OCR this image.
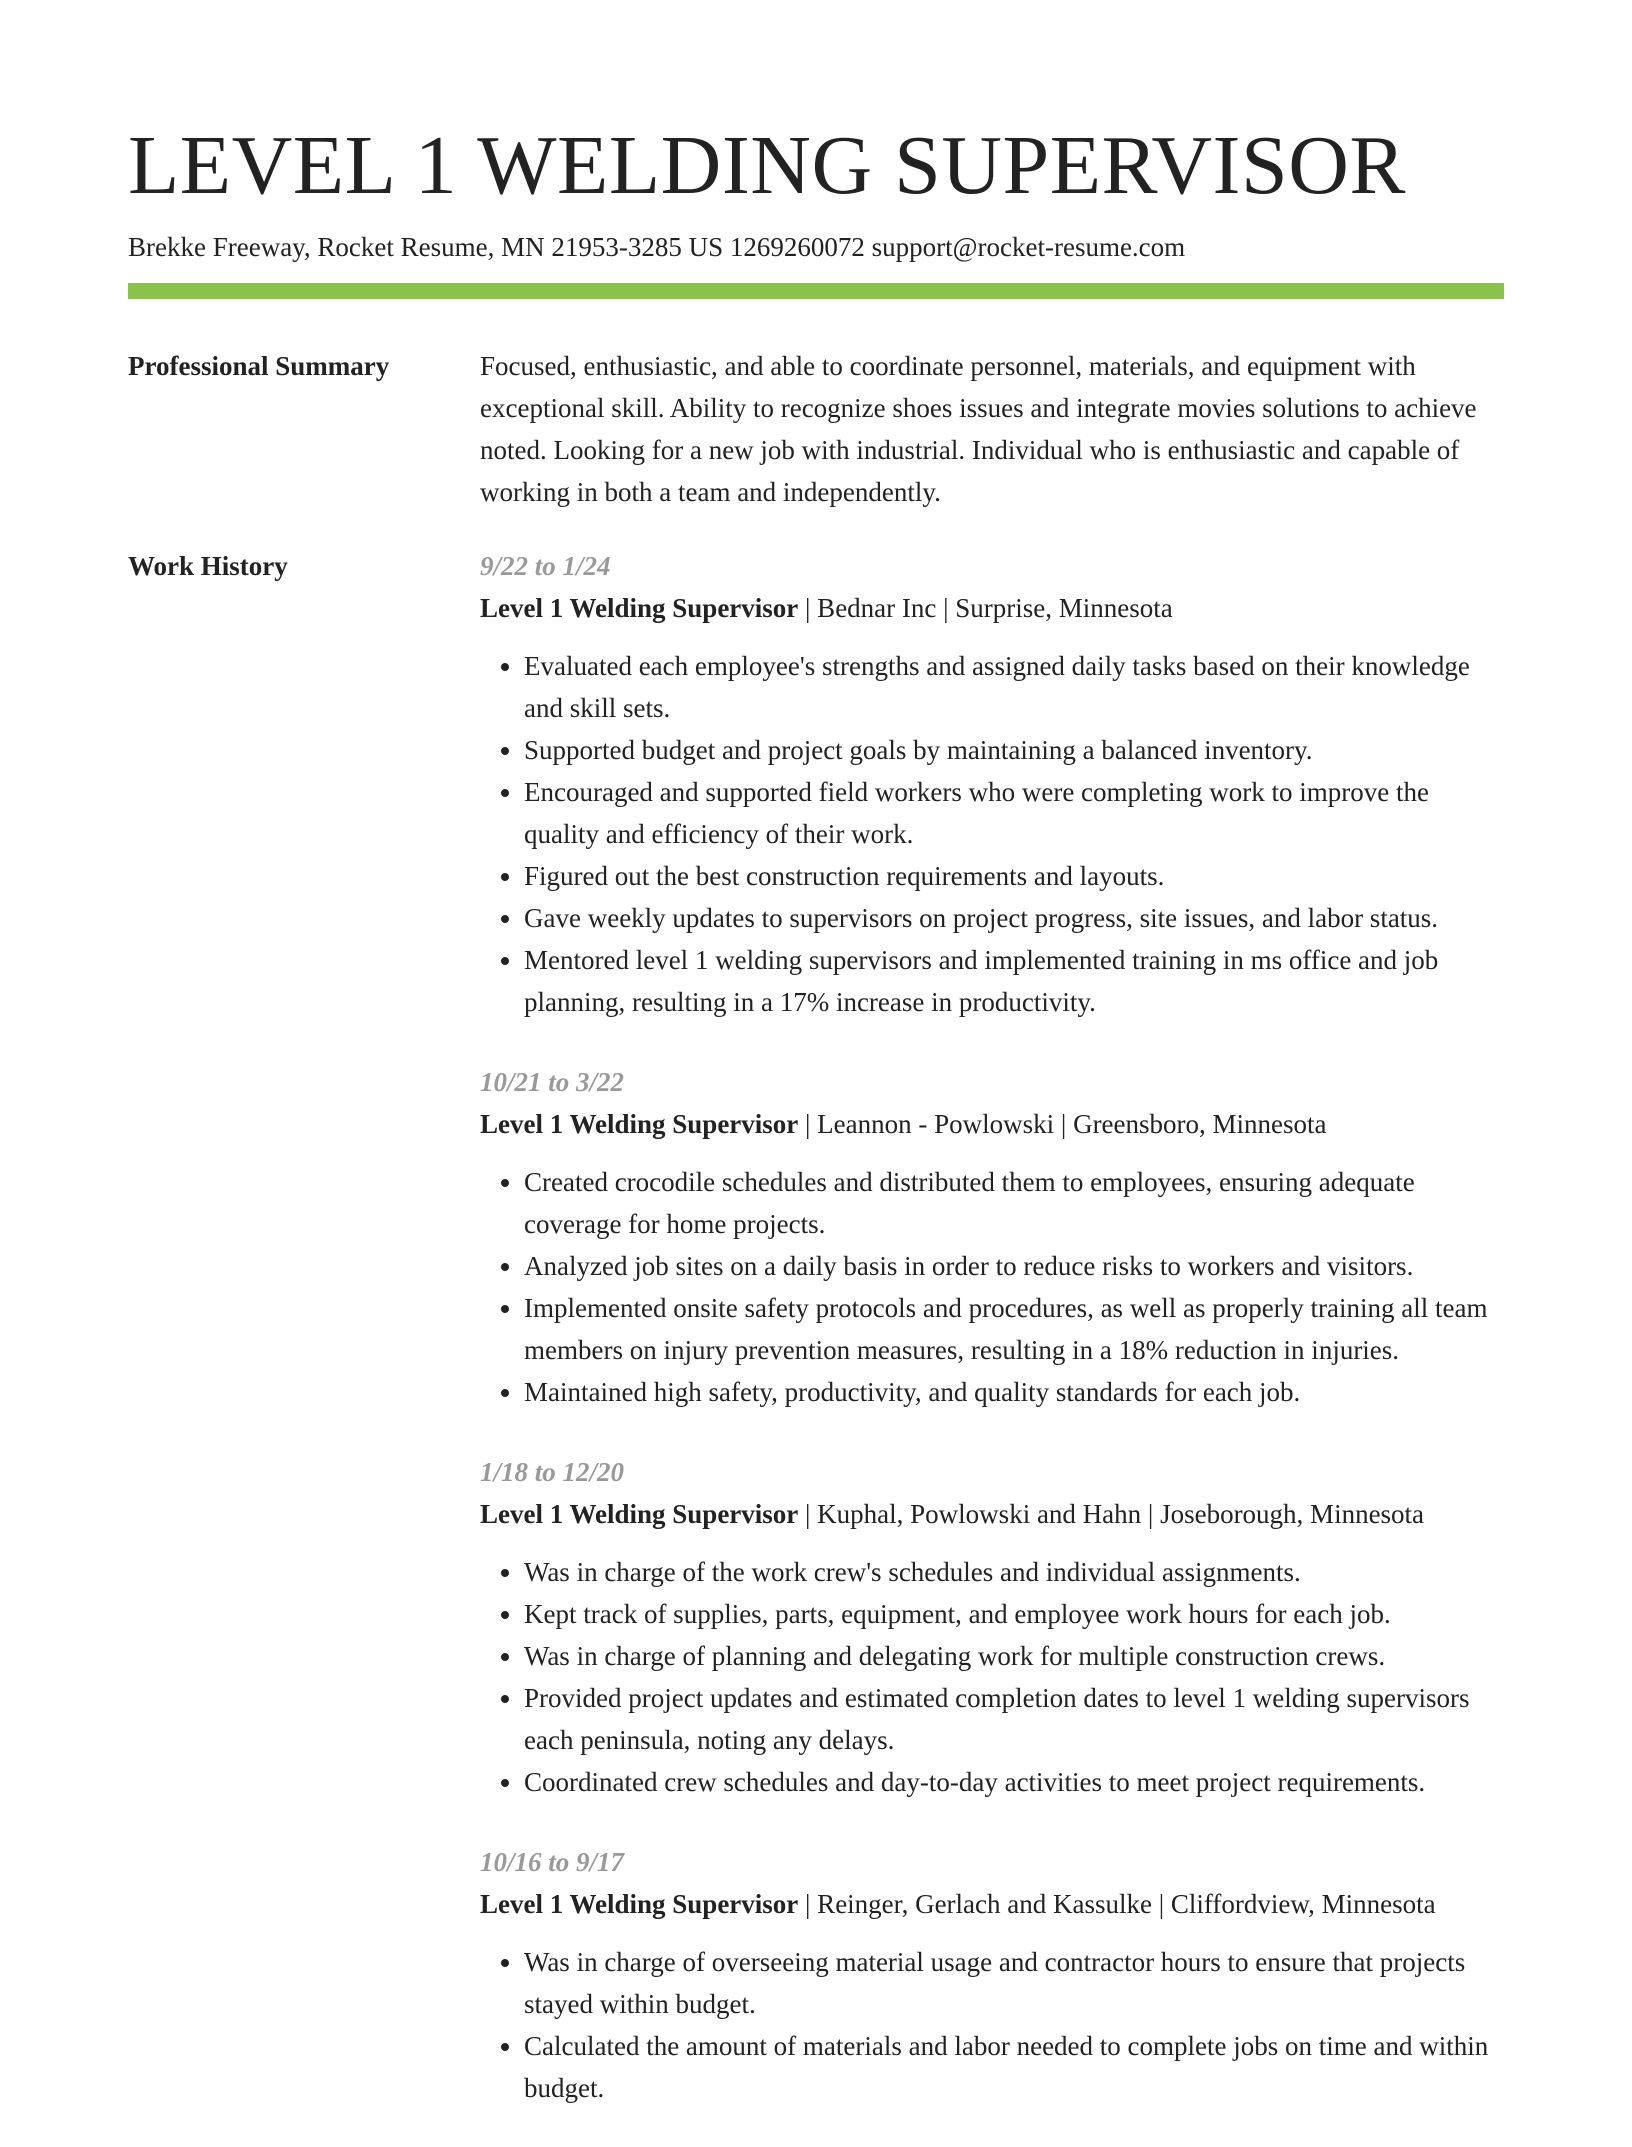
LEVEL 1 WELDING SUPERVISOR
Brekke Freeway, Rocket Resume, MN 21953-3285 US 1269260072 support@rocket-resume.com
Professional Summary	Focused, enthusiastic, and able to coordinate personnel, materials, and equipment with exceptional skill. Ability to recognize shoes issues and integrate movies solutions to achieve noted. Looking for a new job with industrial. Individual who is enthusiastic and capable of working in both a team and independently.

Work History	9/22 to 1/24
Level 1 Welding Supervisor | Bednar Inc | Surprise, Minnesota
• Evaluated each employee's strengths and assigned daily tasks based on their knowledge and skill sets.
• Supported budget and project goals by maintaining a balanced inventory.
• Encouraged and supported field workers who were completing work to improve the quality and efficiency of their work.
• Figured out the best construction requirements and layouts.
• Gave weekly updates to supervisors on project progress, site issues, and labor status.
• Mentored level 1 welding supervisors and implemented training in ms office and job planning, resulting in a 17% increase in productivity.
10/21 to 3/22
Level 1 Welding Supervisor | Leannon - Powlowski | Greensboro, Minnesota
• Created crocodile schedules and distributed them to employees, ensuring adequate coverage for home projects.
• Analyzed job sites on a daily basis in order to reduce risks to workers and visitors.
• Implemented onsite safety protocols and procedures, as well as properly training all team members on injury prevention measures, resulting in a 18% reduction in injuries.
• Maintained high safety, productivity, and quality standards for each job.
1/18 to 12/20
Level 1 Welding Supervisor | Kuphal, Powlowski and Hahn | Joseborough, Minnesota
• Was in charge of the work crew's schedules and individual assignments.
• Kept track of supplies, parts, equipment, and employee work hours for each job.
• Was in charge of planning and delegating work for multiple construction crews.
• Provided project updates and estimated completion dates to level 1 welding supervisors each peninsula, noting any delays.
• Coordinated crew schedules and day-to-day activities to meet project requirements.
10/16 to 9/17
Level 1 Welding Supervisor | Reinger, Gerlach and Kassulke | Cliffordview, Minnesota
• Was in charge of overseeing material usage and contractor hours to ensure that projects stayed within budget.
• Calculated the amount of materials and labor needed to complete jobs on time and within budget.
